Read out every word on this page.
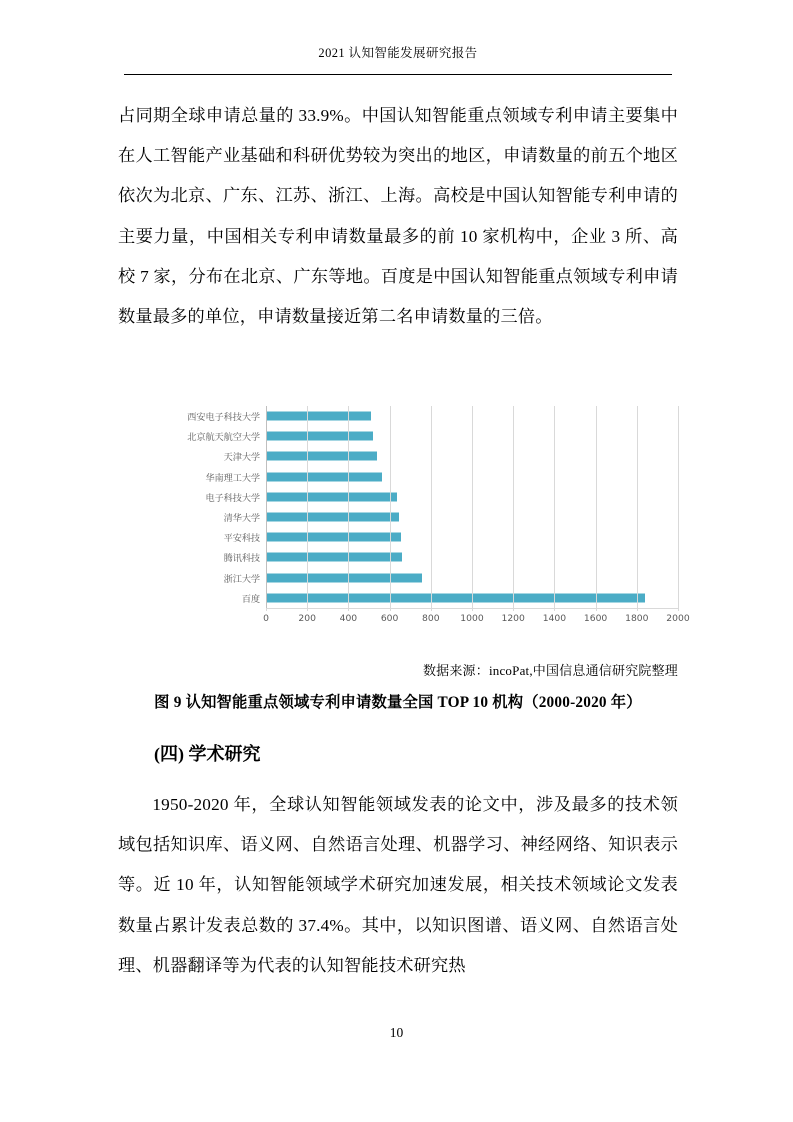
2021 认知智能发展研究报告

占同期全球申请总量的 33.9%。中国认知智能重点领域专利申请主要集中在人工智能产业基础和科研优势较为突出的地区，申请数量的前五个地区依次为北京、广东、江苏、浙江、上海。高校是中国认知智能专利申请的主要力量，中国相关专利申请数量最多的前 10 家机构中，企业 3 所、高校 7 家，分布在北京、广东等地。百度是中国认知智能重点领域专利申请数量最多的单位，申请数量接近第二名申请数量的三倍。

西安电子科技大学
北京航天航空大学
天津大学
华南理工大学
电子科技大学
清华大学
平安科技
腾讯科技
浙江大学
百度
0	200	400	600	800 1000 1200 1400 1600 1800 2000
数据来源：incoPat,中国信息通信研究院整理
图 9 认知智能重点领域专利申请数量全国 TOP 10 机构（2000-2020 年）
(四) 学术研究

1950-2020 年，全球认知智能领域发表的论文中，涉及最多的技术领域包括知识库、语义网、自然语言处理、机器学习、神经网络、知识表示等。近 10 年，认知智能领域学术研究加速发展，相关技术领域论文发表数量占累计发表总数的 37.4%。其中，以知识图谱、语义网、自然语言处理、机器翻译等为代表的认知智能技术研究热

10
